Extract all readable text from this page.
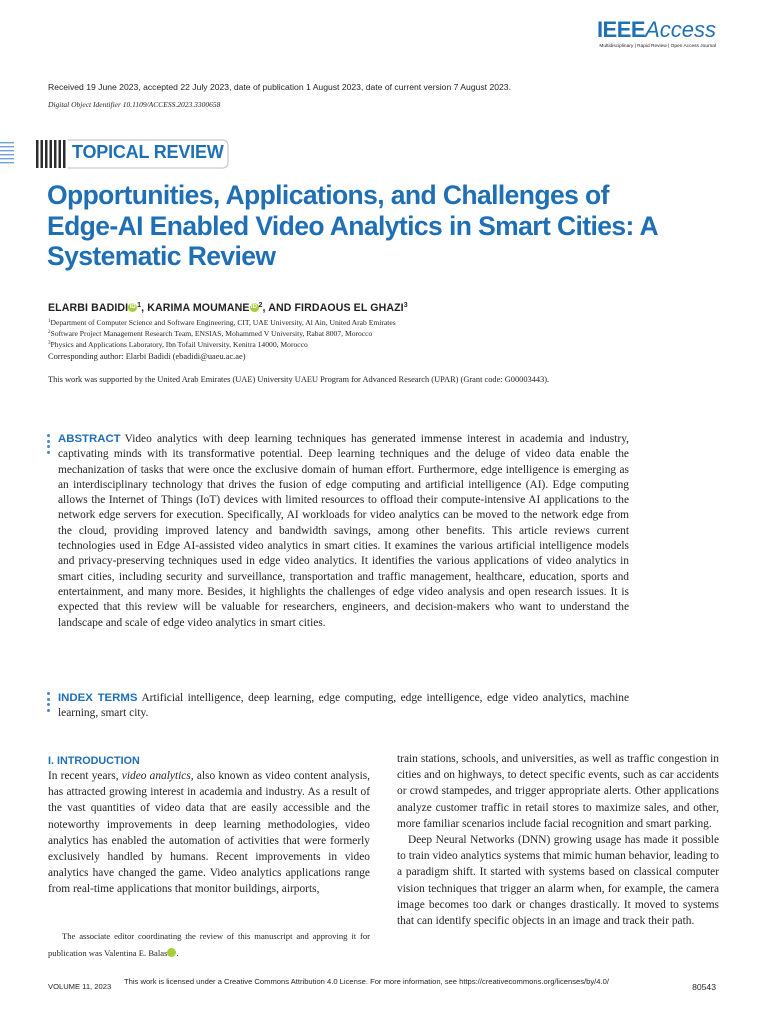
IEEEAccess
Multidisciplinary | Rapid Review | Open Access Journal
Received 19 June 2023, accepted 22 July 2023, date of publication 1 August 2023, date of current version 7 August 2023.
Digital Object Identifier 10.1109/ACCESS.2023.3300658
TOPICAL REVIEW
Opportunities, Applications, and Challenges of Edge-AI Enabled Video Analytics in Smart Cities: A Systematic Review
ELARBI BADIDIiD$^1$, KARIMA MOUMANEiD$^2$, AND FIRDAOUS EL GHAZI$^3$
$^1$Department of Computer Science and Software Engineering, CIT, UAE University, Al Ain, United Arab Emirates
$^2$Software Project Management Research Team, ENSIAS, Mohammed V University, Rabat 8007, Morocco
$^3$Physics and Applications Laboratory, Ibn Tofail University, Kenitra 14000, Morocco
Corresponding author: Elarbi Badidi (ebadidi@uaeu.ac.ae)
This work was supported by the United Arab Emirates (UAE) University UAEU Program for Advanced Research (UPAR) (Grant code: G00003443).
ABSTRACT Video analytics with deep learning techniques has generated immense interest in academia and industry, captivating minds with its transformative potential. Deep learning techniques and the deluge of video data enable the mechanization of tasks that were once the exclusive domain of human effort. Furthermore, edge intelligence is emerging as an interdisciplinary technology that drives the fusion of edge computing and artificial intelligence (AI). Edge computing allows the Internet of Things (IoT) devices with limited resources to offload their compute-intensive AI applications to the network edge servers for execution. Specifically, AI workloads for video analytics can be moved to the network edge from the cloud, providing improved latency and bandwidth savings, among other benefits. This article reviews current technologies used in Edge AI-assisted video analytics in smart cities. It examines the various artificial intelligence models and privacy-preserving techniques used in edge video analytics. It identifies the various applications of video analytics in smart cities, including security and surveillance, transportation and traffic management, healthcare, education, sports and entertainment, and many more. Besides, it highlights the challenges of edge video analysis and open research issues. It is expected that this review will be valuable for researchers, engineers, and decision-makers who want to understand the landscape and scale of edge video analytics in smart cities.
INDEX TERMS Artificial intelligence, deep learning, edge computing, edge intelligence, edge video analytics, machine learning, smart city.
I. INTRODUCTION
In recent years, video analytics, also known as video content analysis, has attracted growing interest in academia and industry. As a result of the vast quantities of video data that are easily accessible and the noteworthy improvements in deep learning methodologies, video analytics has enabled the automation of activities that were formerly exclusively handled by humans. Recent improvements in video analytics have changed the game. Video analytics applications range from real-time applications that monitor buildings, airports,
train stations, schools, and universities, as well as traffic congestion in cities and on highways, to detect specific events, such as car accidents or crowd stampedes, and trigger appropriate alerts. Other applications analyze customer traffic in retail stores to maximize sales, and other, more familiar scenarios include facial recognition and smart parking.
Deep Neural Networks (DNN) growing usage has made it possible to train video analytics systems that mimic human behavior, leading to a paradigm shift. It started with systems based on classical computer vision techniques that trigger an alarm when, for example, the camera image becomes too dark or changes drastically. It moved to systems that can identify specific objects in an image and track their path.
The associate editor coordinating the review of this manuscript and approving it for publication was Valentina E. Balas iD.
VOLUME 11, 2023
This work is licensed under a Creative Commons Attribution 4.0 License. For more information, see https://creativecommons.org/licenses/by/4.0/
80543
